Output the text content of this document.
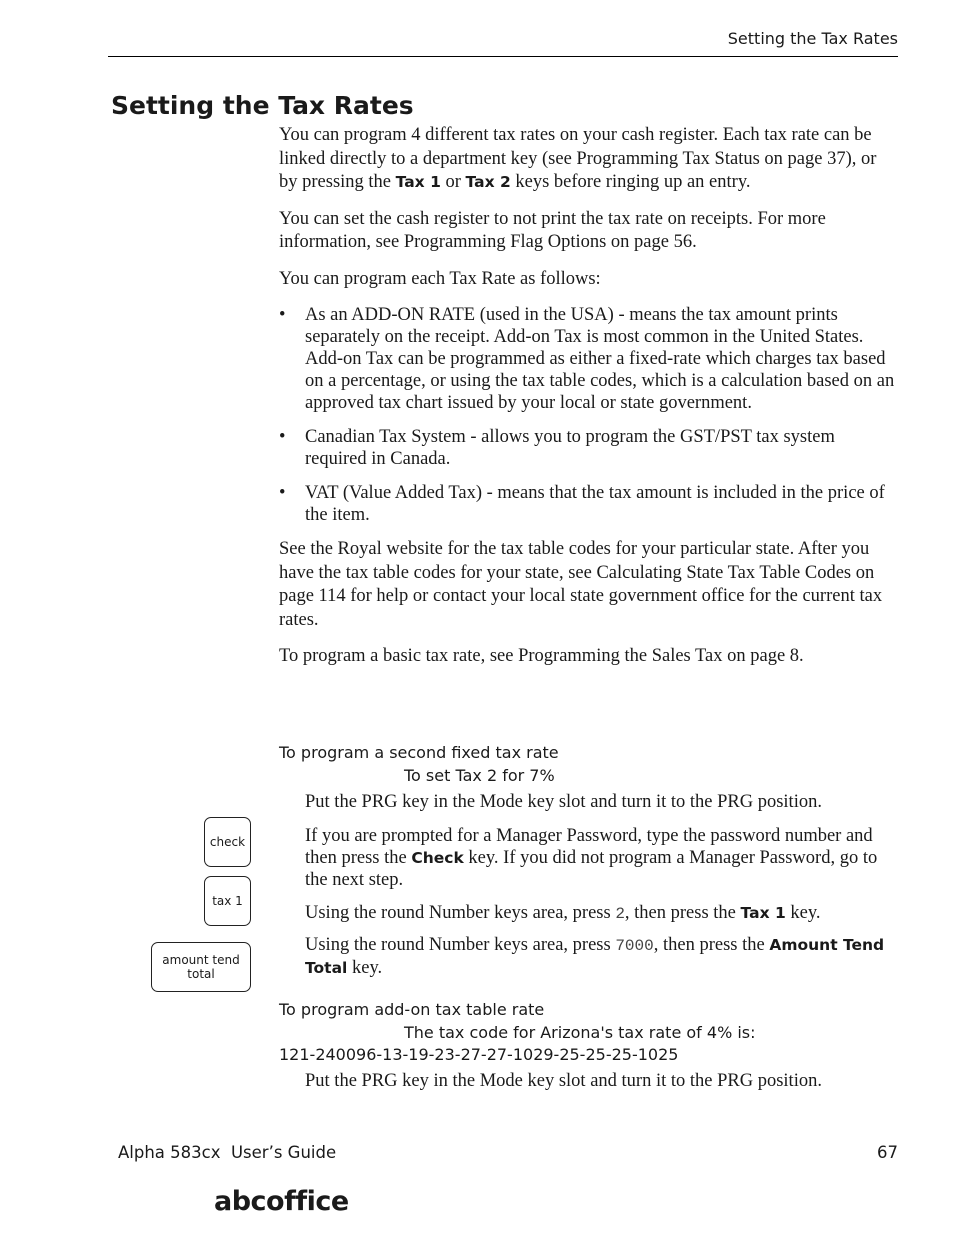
Setting the Tax Rates
Setting the Tax Rates

You can program 4 different tax rates on your cash register. Each tax rate can be linked directly to a department key (see Programming Tax Status on page 37), or by pressing the Tax 1 or Tax 2 keys before ringing up an entry.

You can set the cash register to not print the tax rate on receipts. For more information, see Programming Flag Options on page 56.

You can program each Tax Rate as follows:

• As an ADD-ON RATE (used in the USA) - means the tax amount prints separately on the receipt. Add-on Tax is most common in the United States. Add-on Tax can be programmed as either a fixed-rate which charges tax based on a percentage, or using the tax table codes, which is a calculation based on an approved tax chart issued by your local or state government.
• Canadian Tax System - allows you to program the GST/PST tax system required in Canada.
• VAT (Value Added Tax) - means that the tax amount is included in the price of the item.

See the Royal website for the tax table codes for your particular state. After you have the tax table codes for your state, see Calculating State Tax Table Codes on page 114 for help or contact your local state government office for the current tax rates.

To program a basic tax rate, see Programming the Sales Tax on page 8.

To program a second fixed tax rate
To set Tax 2 for 7%
Put the PRG key in the Mode key slot and turn it to the PRG position.
If you are prompted for a Manager Password, type the password number and then press the Check key. If you did not program a Manager Password, go to the next step.
Using the round Number keys area, press 2, then press the Tax 1 key.
Using the round Number keys area, press 7000, then press the Amount Tend Total key.
check
tax 1
amount tend
total
To program add-on tax table rate
The tax code for Arizona's tax rate of 4% is:
121-240096-13-19-23-27-27-1029-25-25-25-1025
Put the PRG key in the Mode key slot and turn it to the PRG position.
Alpha 583cx  User’s Guide	67
abcoffice
